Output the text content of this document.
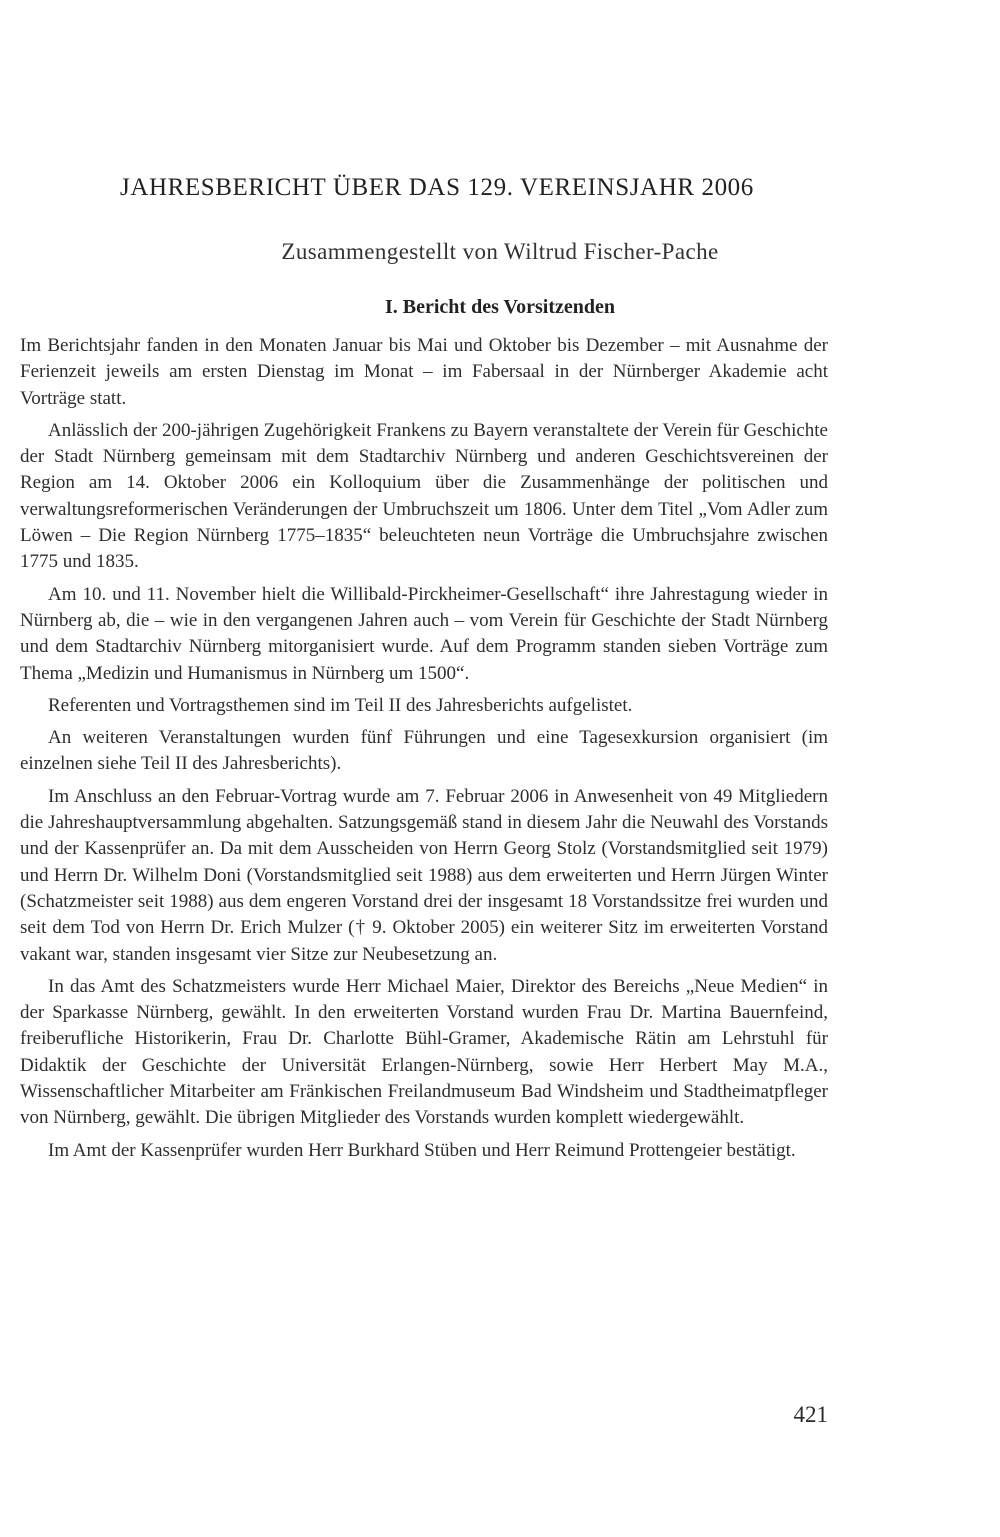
JAHRESBERICHT ÜBER DAS 129. VEREINSJAHR 2006
Zusammengestellt von Wiltrud Fischer-Pache
I. Bericht des Vorsitzenden

Im Berichtsjahr fanden in den Monaten Januar bis Mai und Oktober bis Dezember – mit Ausnahme der Ferienzeit jeweils am ersten Dienstag im Monat – im Fabersaal in der Nürnberger Akademie acht Vorträge statt.

Anlässlich der 200-jährigen Zugehörigkeit Frankens zu Bayern veranstaltete der Verein für Geschichte der Stadt Nürnberg gemeinsam mit dem Stadtarchiv Nürnberg und anderen Geschichtsvereinen der Region am 14. Oktober 2006 ein Kolloquium über die Zusammenhänge der politischen und verwaltungsreformerischen Veränderungen der Umbruchszeit um 1806. Unter dem Titel „Vom Adler zum Löwen – Die Region Nürnberg 1775–1835“ beleuchteten neun Vorträge die Umbruchsjahre zwischen 1775 und 1835.

Am 10. und 11. November hielt die Willibald-Pirckheimer-Gesellschaft“ ihre Jahrestagung wieder in Nürnberg ab, die – wie in den vergangenen Jahren auch – vom Verein für Geschichte der Stadt Nürnberg und dem Stadtarchiv Nürnberg mitorganisiert wurde. Auf dem Programm standen sieben Vorträge zum Thema „Medizin und Humanismus in Nürnberg um 1500“.

Referenten und Vortragsthemen sind im Teil II des Jahresberichts aufgelistet.

An weiteren Veranstaltungen wurden fünf Führungen und eine Tagesexkursion organisiert (im einzelnen siehe Teil II des Jahresberichts).

Im Anschluss an den Februar-Vortrag wurde am 7. Februar 2006 in Anwesenheit von 49 Mitgliedern die Jahreshauptversammlung abgehalten. Satzungsgemäß stand in diesem Jahr die Neuwahl des Vorstands und der Kassenprüfer an. Da mit dem Ausscheiden von Herrn Georg Stolz (Vorstandsmitglied seit 1979) und Herrn Dr. Wilhelm Doni (Vorstandsmitglied seit 1988) aus dem erweiterten und Herrn Jürgen Winter (Schatzmeister seit 1988) aus dem engeren Vorstand drei der insgesamt 18 Vorstandssitze frei wurden und seit dem Tod von Herrn Dr. Erich Mulzer († 9. Oktober 2005) ein weiterer Sitz im erweiterten Vorstand vakant war, standen insgesamt vier Sitze zur Neubesetzung an.

In das Amt des Schatzmeisters wurde Herr Michael Maier, Direktor des Bereichs „Neue Medien“ in der Sparkasse Nürnberg, gewählt. In den erweiterten Vorstand wurden Frau Dr. Martina Bauernfeind, freiberufliche Historikerin, Frau Dr. Charlotte Bühl-Gramer, Akademische Rätin am Lehrstuhl für Didaktik der Geschichte der Universität Erlangen-Nürnberg, sowie Herr Herbert May M.A., Wissenschaftlicher Mitarbeiter am Fränkischen Freilandmuseum Bad Windsheim und Stadtheimatpfleger von Nürnberg, gewählt. Die übrigen Mitglieder des Vorstands wurden komplett wiedergewählt.

Im Amt der Kassenprüfer wurden Herr Burkhard Stüben und Herr Reimund Prottengeier bestätigt.

421
